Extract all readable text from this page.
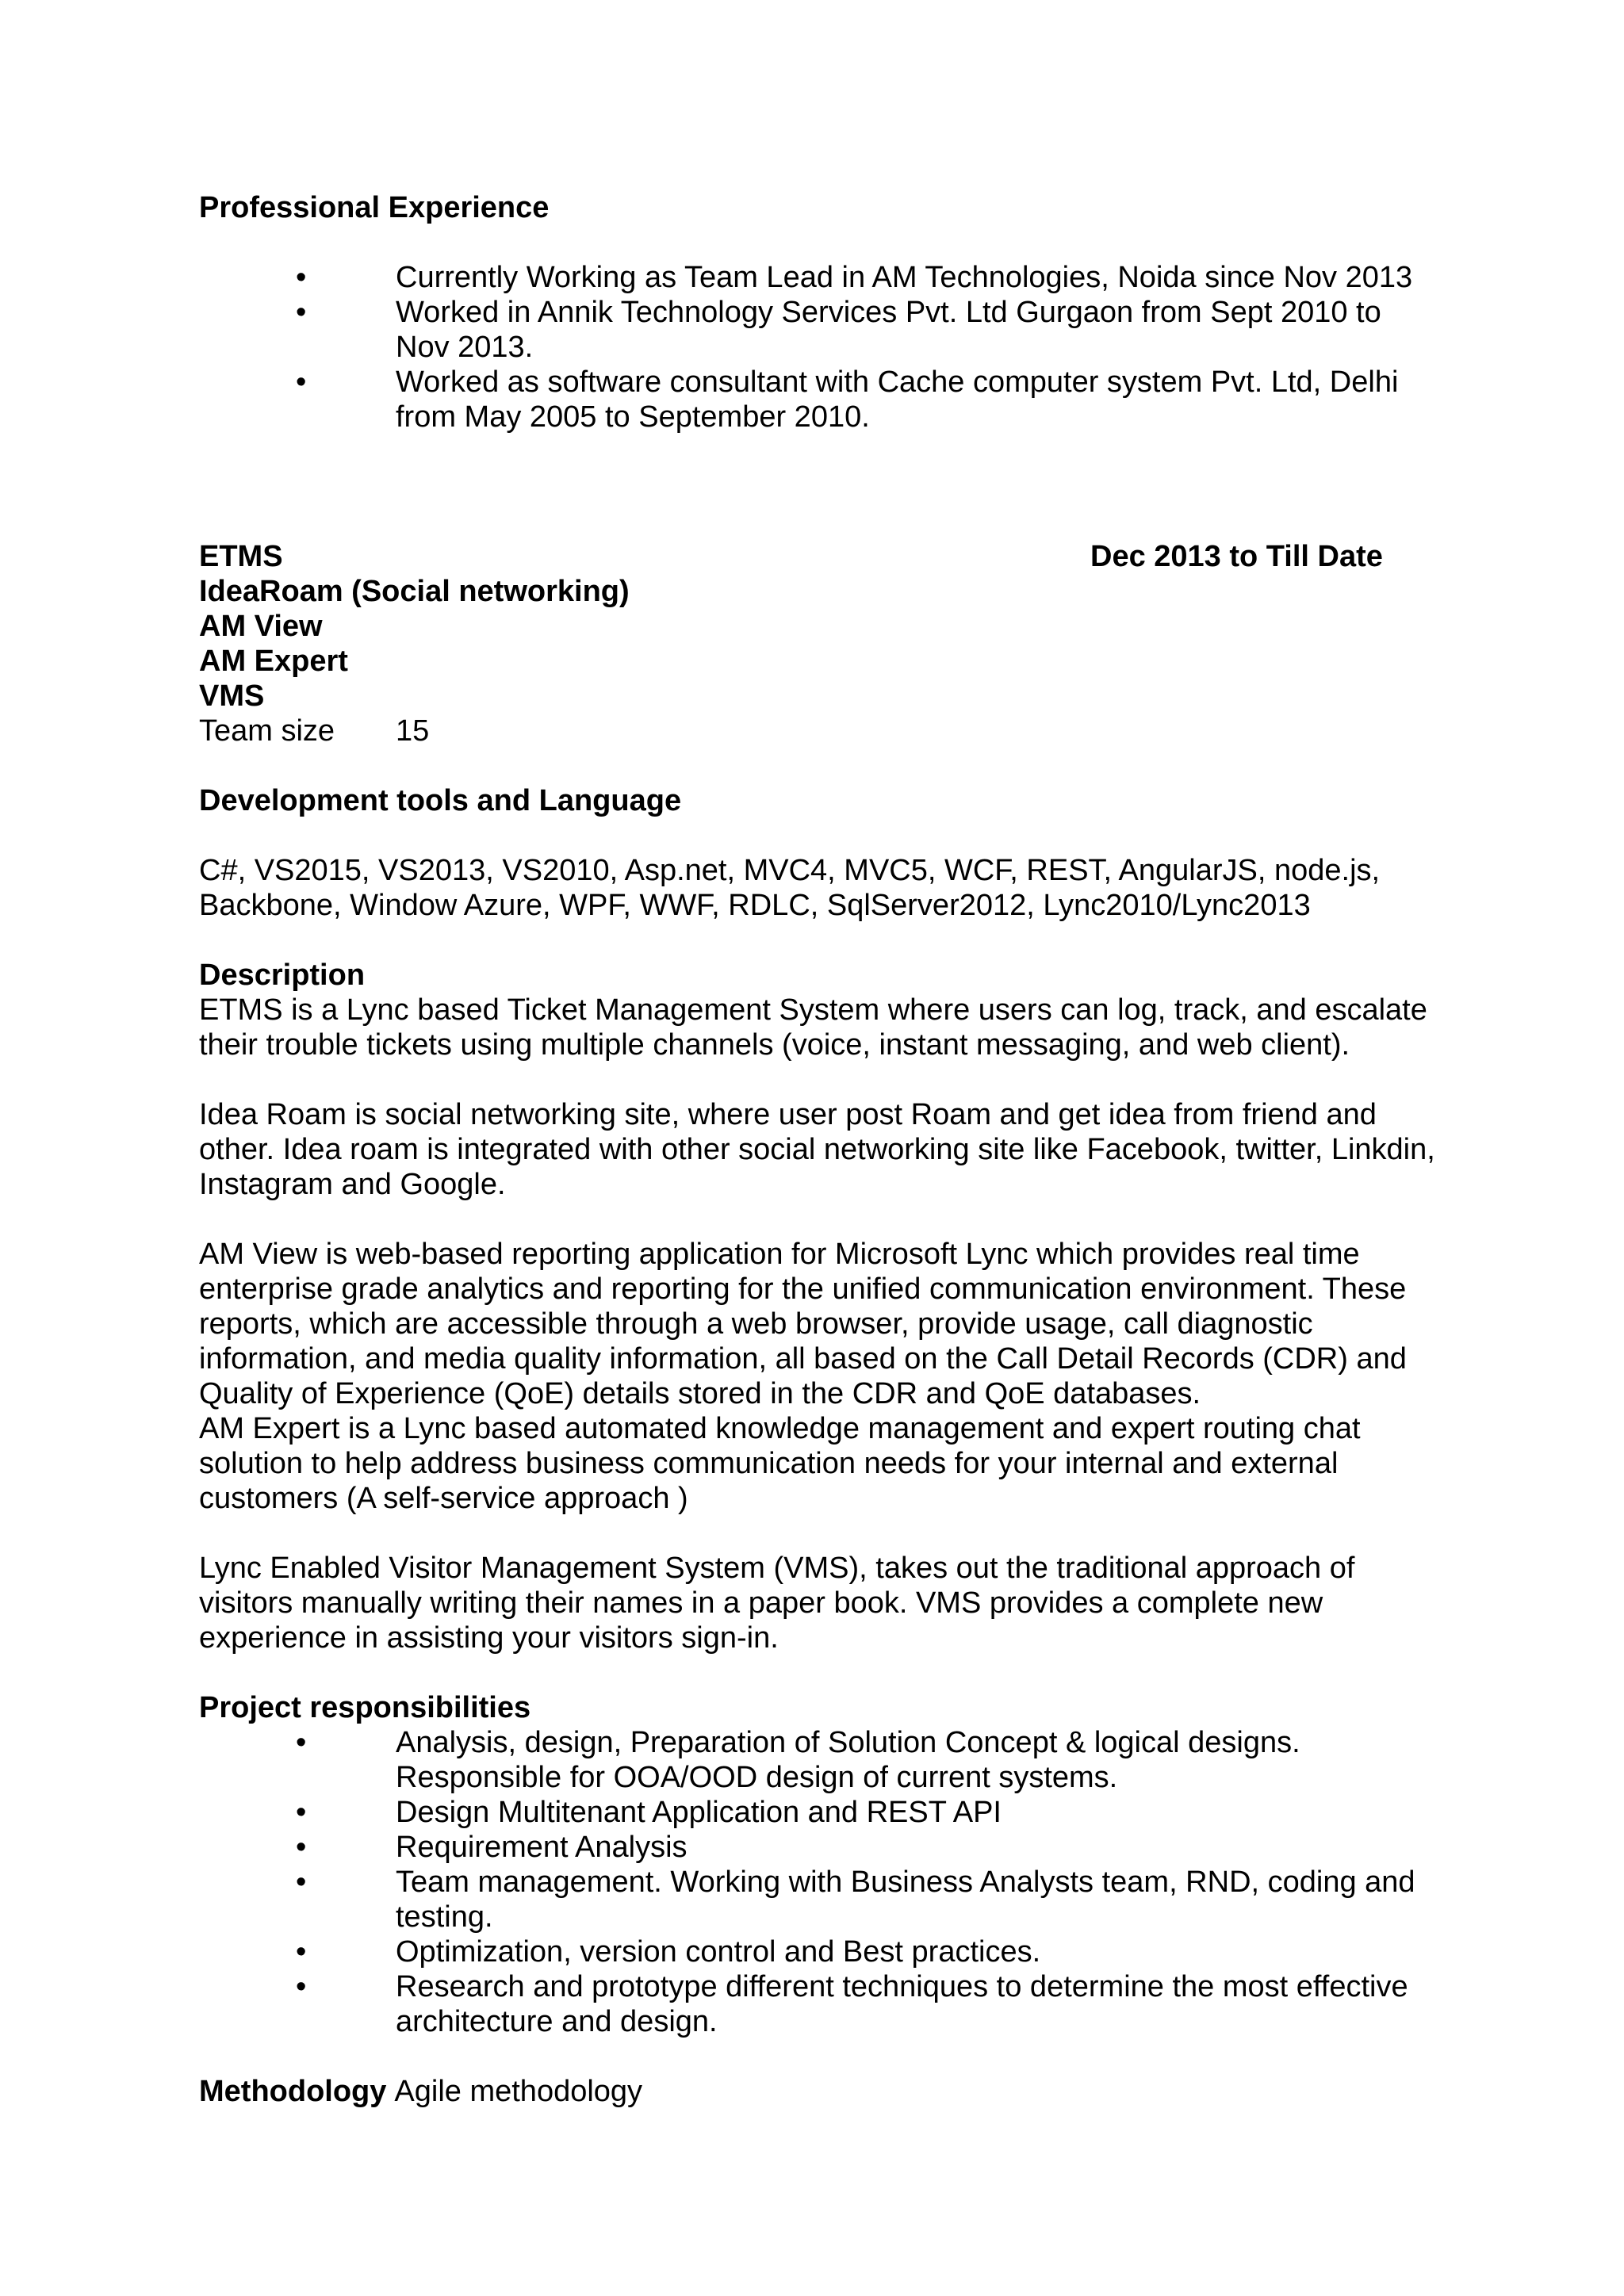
Professional Experience

•	Currently Working as Team Lead in AM Technologies, Noida since Nov 2013
•	Worked in Annik Technology Services Pvt. Ltd Gurgaon from Sept 2010 to Nov 2013.
•	Worked as software consultant with Cache computer system Pvt. Ltd, Delhi from May 2005 to September 2010.
ETMS	Dec 2013 to Till Date

IdeaRoam (Social networking)

AM View

AM Expert

VMS

Team size	15

Development tools and Language

C#, VS2015, VS2013, VS2010, Asp.net, MVC4, MVC5, WCF, REST, AngularJS, node.js, Backbone, Window Azure, WPF, WWF, RDLC, SqlServer2012, Lync2010/Lync2013

Description

ETMS is a Lync based Ticket Management System where users can log, track, and escalate their trouble tickets using multiple channels (voice, instant messaging, and web client).

Idea Roam is social networking site, where user post Roam and get idea from friend and other. Idea roam is integrated with other social networking site like Facebook, twitter, Linkdin, Instagram and Google.

AM View is web-based reporting application for Microsoft Lync which provides real time enterprise grade analytics and reporting for the unified communication environment. These reports, which are accessible through a web browser, provide usage, call diagnostic information, and media quality information, all based on the Call Detail Records (CDR) and Quality of Experience (QoE) details stored in the CDR and QoE databases.

AM Expert is a Lync based automated knowledge management and expert routing chat solution to help address business communication needs for your internal and external customers (A self-service approach )

Lync Enabled Visitor Management System (VMS), takes out the traditional approach of visitors manually writing their names in a paper book. VMS provides a complete new experience in assisting your visitors sign-in.

Project responsibilities

•	Analysis, design, Preparation of Solution Concept & logical designs. Responsible for OOA/OOD design of current systems.
•	Design Multitenant Application and REST API
•	Requirement Analysis
•	Team management. Working with Business Analysts team, RND, coding and testing.
•	Optimization, version control and Best practices.
•	Research and prototype different techniques to determine the most effective architecture and design.
Methodology Agile methodology
